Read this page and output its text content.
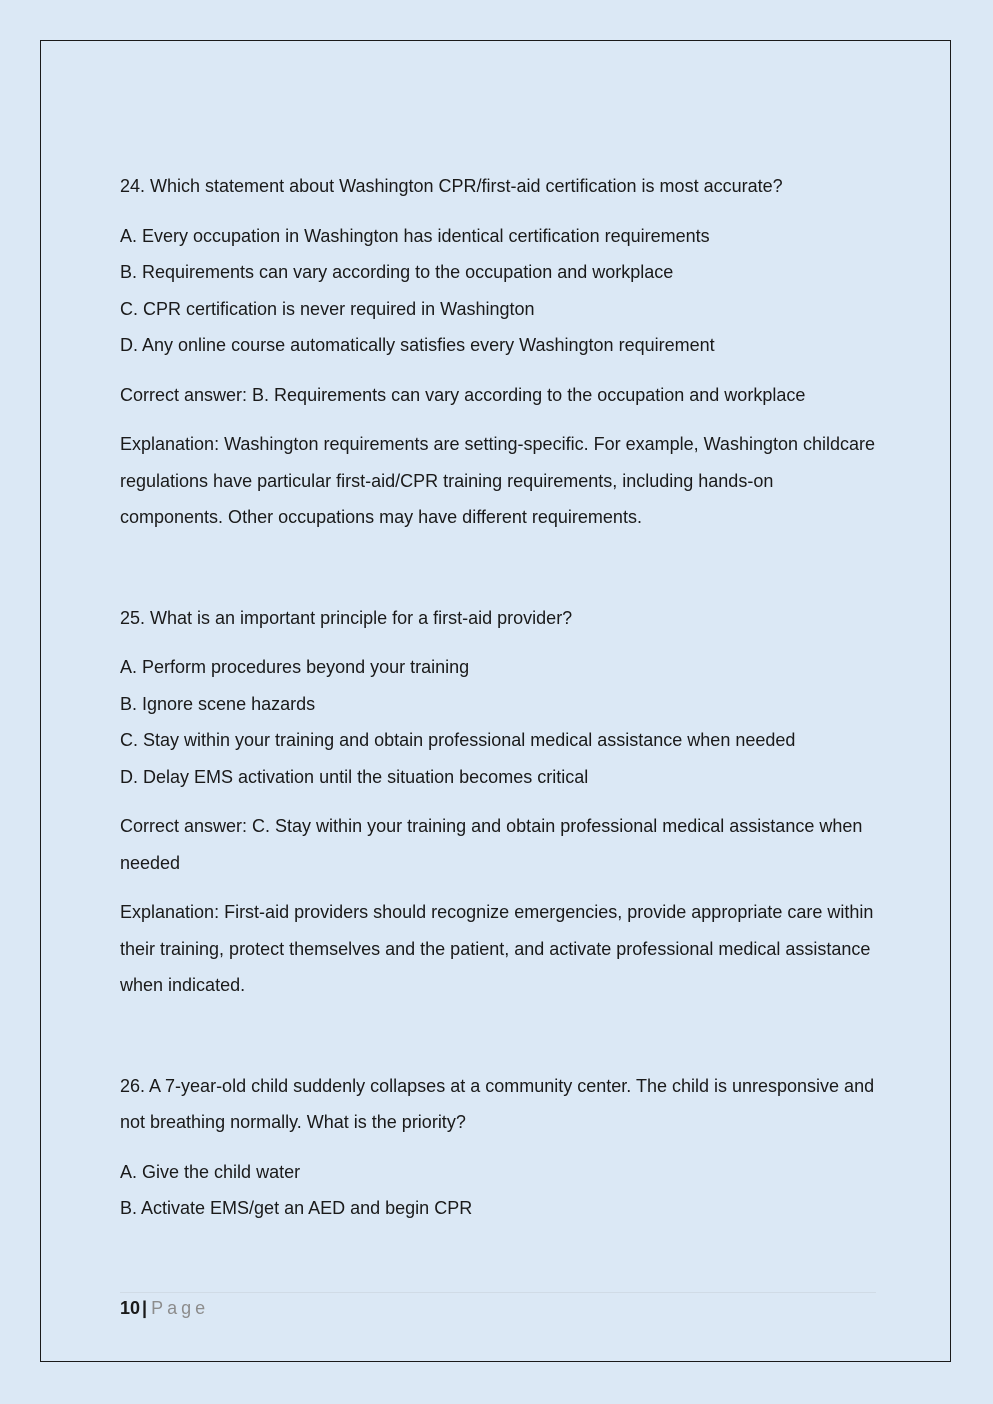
24. Which statement about Washington CPR/first-aid certification is most accurate?

A. Every occupation in Washington has identical certification requirements
B. Requirements can vary according to the occupation and workplace
C. CPR certification is never required in Washington
D. Any online course automatically satisfies every Washington requirement

Correct answer: B. Requirements can vary according to the occupation and workplace

Explanation: Washington requirements are setting-specific. For example, Washington childcare regulations have particular first-aid/CPR training requirements, including hands-on components. Other occupations may have different requirements.

25. What is an important principle for a first-aid provider?

A. Perform procedures beyond your training
B. Ignore scene hazards
C. Stay within your training and obtain professional medical assistance when needed
D. Delay EMS activation until the situation becomes critical

Correct answer: C. Stay within your training and obtain professional medical assistance when needed

Explanation: First-aid providers should recognize emergencies, provide appropriate care within their training, protect themselves and the patient, and activate professional medical assistance when indicated.

26. A 7-year-old child suddenly collapses at a community center. The child is unresponsive and not breathing normally. What is the priority?

A. Give the child water
B. Activate EMS/get an AED and begin CPR
10 | Page
